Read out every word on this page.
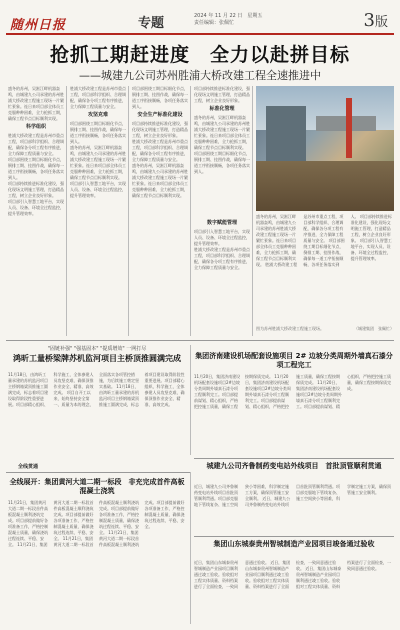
随州日报	专题	2024 年 11 月 22 日　星期五
责任编辑：张佩忙	3版
抢抓工期赶进度　全力以赴拼目标
——城建九公司苏州胜浦大桥改建工程全速推进中
盛冬的苏州，吴淞江畔机器轰鸣，由城建九公司承建的苏州胜浦大桥改建工程施工现场一片繁忙景象。连日来项目部全体员工克服种种困难，全力抢抓工期，确保工程节点目标顺利实现。
科学组织
胜浦大桥改建工程是苏州市重点工程，项目部科学组织、合理调配，确保各分项工程有序推进，全力保障工程质量与安全。
项目部围绕工期目标细化节点，倒排工期、挂图作战，确保每一道工序衔接顺畅，各项任务落实到人。
项目部持续推进标准化建设，强化现场文明施工管理，打造精品工程，树立企业良好形象。
项目部引入智慧工地平台，实现人员、设备、环境全过程监控，提升管理效率。
胜浦大桥改建工程是苏州市重点工程，项目部科学组织、合理调配，确保各分项工程有序推进，全力保障工程质量与安全。
攻坚克难
项目部围绕工期目标细化节点，倒排工期、挂图作战，确保每一道工序衔接顺畅，各项任务落实到人。
盛冬的苏州，吴淞江畔机器轰鸣，由城建九公司承建的苏州胜浦大桥改建工程施工现场一片繁忙景象。连日来项目部全体员工克服种种困难，全力抢抓工期，确保工程节点目标顺利实现。
项目部引入智慧工地平台，实现人员、设备、环境全过程监控，提升管理效率。
项目部围绕工期目标细化节点，倒排工期、挂图作战，确保每一道工序衔接顺畅，各项任务落实到人。
安全生产标准化建设
项目部持续推进标准化建设，强化现场文明施工管理，打造精品工程，树立企业良好形象。
胜浦大桥改建工程是苏州市重点工程，项目部科学组织、合理调配，确保各分项工程有序推进，全力保障工程质量与安全。
盛冬的苏州，吴淞江畔机器轰鸣，由城建九公司承建的苏州胜浦大桥改建工程施工现场一片繁忙景象。连日来项目部全体员工克服种种困难，全力抢抓工期，确保工程节点目标顺利实现。
项目部持续推进标准化建设，强化现场文明施工管理，打造精品工程，树立企业良好形象。
标准化管理
盛冬的苏州，吴淞江畔机器轰鸣，由城建九公司承建的苏州胜浦大桥改建工程施工现场一片繁忙景象。连日来项目部全体员工克服种种困难，全力抢抓工期，确保工程节点目标顺利实现。
项目部围绕工期目标细化节点，倒排工期、挂图作战，确保每一道工序衔接顺畅，各项任务落实到人。
数字赋能管理
项目部引入智慧工地平台，实现人员、设备、环境全过程监控，提升管理效率。
胜浦大桥改建工程是苏州市重点工程，项目部科学组织、合理调配，确保各分项工程有序推进，全力保障工程质量与安全。
盛冬的苏州，吴淞江畔机器轰鸣，由城建九公司承建的苏州胜浦大桥改建工程施工现场一片繁忙景象。连日来项目部全体员工克服种种困难，全力抢抓工期，确保工程节点目标顺利实现。 胜浦大桥改建工程是苏州市重点工程，项目部科学组织、合理调配，确保各分项工程有序推进，全力保障工程质量与安全。 项目部围绕工期目标细化节点，倒排工期、挂图作战，确保每一道工序衔接顺畅，各项任务落实到人。 项目部持续推进标准化建设，强化现场文明施工管理，打造精品工程，树立企业良好形象。 项目部引入智慧工地平台，实现人员、设备、环境全过程监控，提升管理效率。
（城建集团　张佩忙）
图为苏州胜浦大桥改建工程施工现场。
"固链补强" "强基固本" "提质增效" 一网打尽
鸿昕工量桥梁牌苏机监河项目主桥顶推圆满完成
11月18日，由鸿昕工量承建的苏机监河项目主桥钢箱梁顶推施工圆满完成，标志着项目建设取得阶段性重要进展。项目部精心组织、科学施工，全体参建人员攻坚克难，确保顶推作业安全、精准、高效完成。 项目自开工以来，始终坚持安全第一、质量为本的理念，全面落实各项管控措施，为后续施工奠定坚实基础。 11月18日，由鸿昕工量承建的苏机监河项目主桥钢箱梁顶推施工圆满完成，标志着项目建设取得阶段性重要进展。项目部精心组织、科学施工，全体参建人员攻坚克难，确保顶推作业安全、精准、高效完成。
全线贯通
集团济南建设机场配套设施项目 2# 边坡分类周期外墙真石漆分项工程完工
11月20日，集团济南建设机场配套设施项目2#边坡分类周期外墙真石漆分项工程顺利完工。项目部提前谋划、精心组织，严格把控施工质量，确保工程按期保质完成。 11月20日，集团济南建设机场配套设施项目2#边坡分类周期外墙真石漆分项工程顺利完工。项目部提前谋划、精心组织，严格把控施工质量，确保工程按期保质完成。 11月20日，集团济南建设机场配套设施项目2#边坡分类周期外墙真石漆分项工程顺利完工。项目部提前谋划、精心组织，严格把控施工质量，确保工程按期保质完成。
城建九公司齐鲁制药变电站外线项目　首批顶管顺利贯通
近日，城建九公司齐鲁制药变电站外线项目首批顶管顺利贯通。项目部克服地下管线复杂、施工空间狭小等困难，科学制定施工方案，确保顶管施工安全顺利。 近日，城建九公司齐鲁制药变电站外线项目首批顶管顺利贯通。项目部克服地下管线复杂、施工空间狭小等困难，科学制定施工方案，确保顶管施工安全顺利。
全线展开：集团黄河大道二期一标段　非充完成首件高板混凝土浇筑
11月21日，集团黄河大道二期一标段首件高板混凝土顺利浇筑完成。项目部提前做好各项准备工作，严格控制混凝土质量，确保浇筑过程连续、平稳、安全。 11月21日，集团黄河大道二期一标段首件高板混凝土顺利浇筑完成。项目部提前做好各项准备工作，严格控制混凝土质量，确保浇筑过程连续、平稳、安全。 11月21日，集团黄河大道二期一标段首件高板混凝土顺利浇筑完成。项目部提前做好各项准备工作，严格控制混凝土质量，确保浇筑过程连续、平稳、安全。 11月21日，集团黄河大道二期一标段首件高板混凝土顺利浇筑完成。项目部提前做好各项准备工作，严格控制混凝土质量，确保浇筑过程连续、平稳、安全。
集团山东城泰贵州智城制造产业园项目竣备通过验收
近日，集团山东城泰贵州智城制造产业园项目顺利通过竣工验收。验收组对工程实体质量、资料档案进行了全面检查，一致同意通过验收。 近日，集团山东城泰贵州智城制造产业园项目顺利通过竣工验收。验收组对工程实体质量、资料档案进行了全面检查，一致同意通过验收。 近日，集团山东城泰贵州智城制造产业园项目顺利通过竣工验收。验收组对工程实体质量、资料档案进行了全面检查，一致同意通过验收。
